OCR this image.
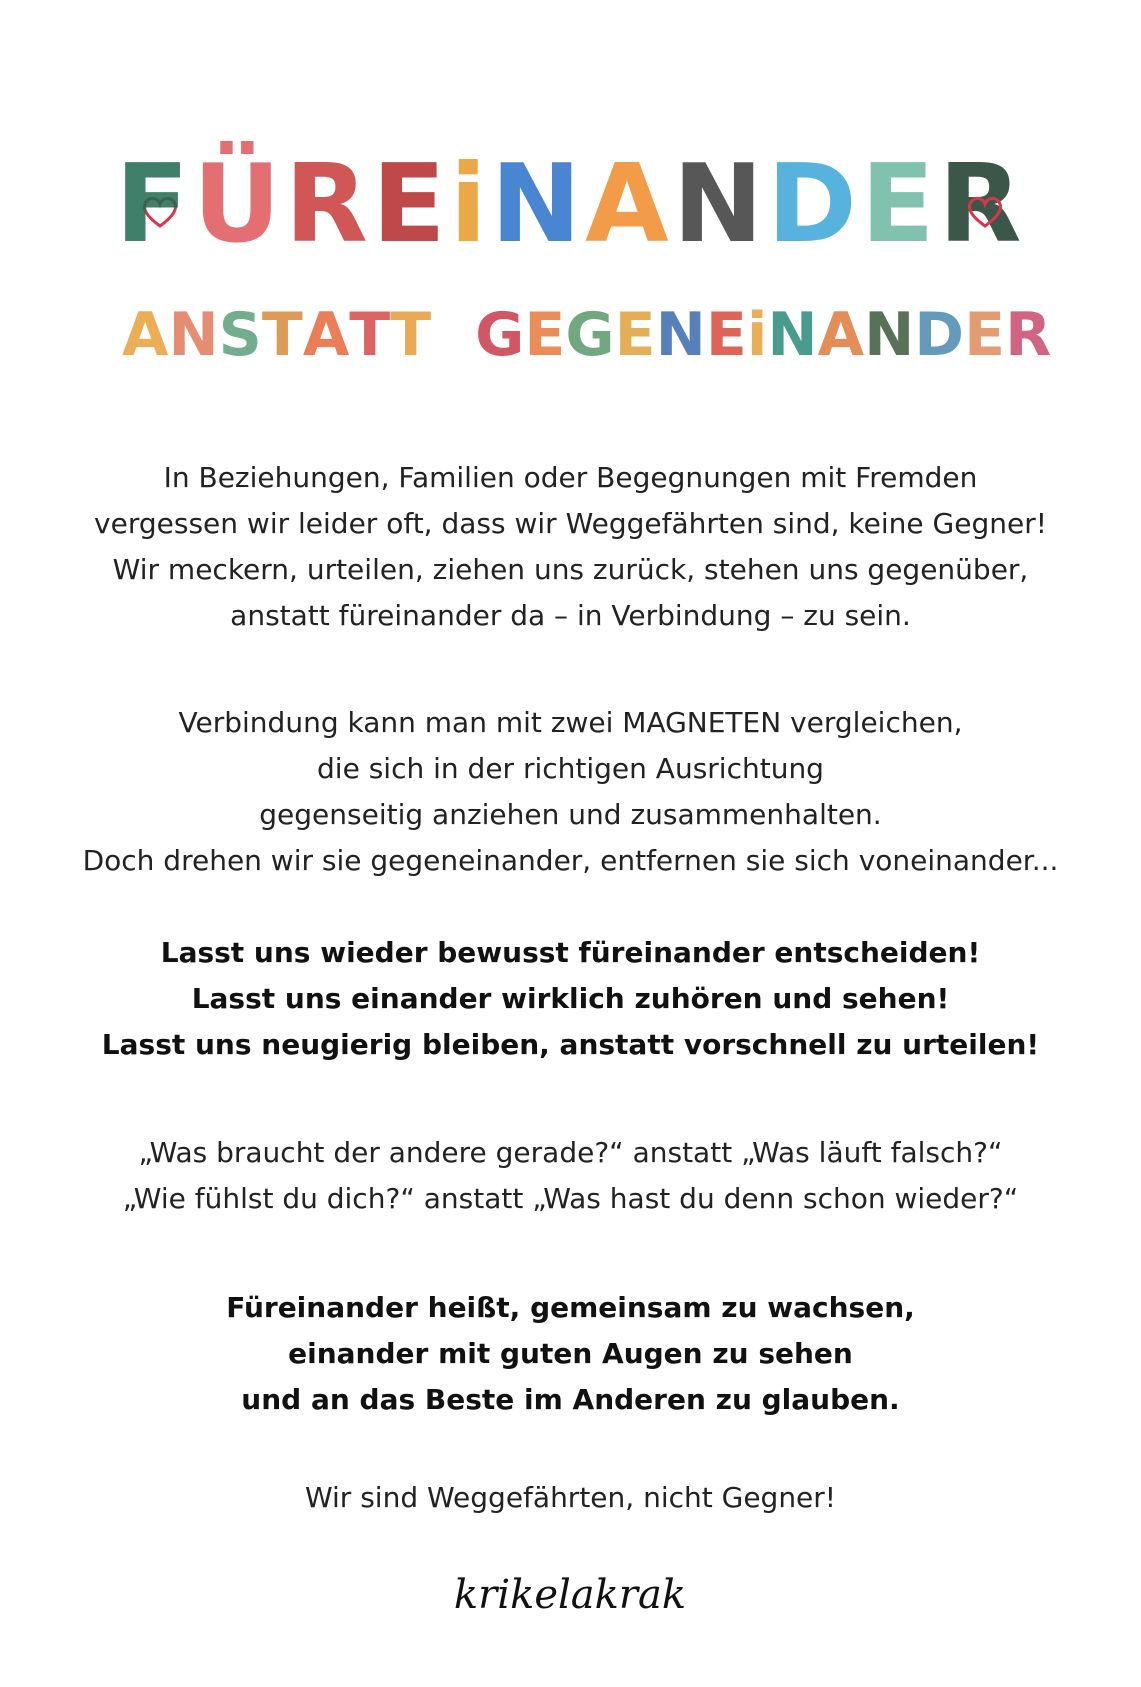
FÜREiNANDER
ANSTATT GEGENEiNANDER
In Beziehungen, Familien oder Begegnungen mit Fremden
vergessen wir leider oft, dass wir Weggefährten sind, keine Gegner!
Wir meckern, urteilen, ziehen uns zurück, stehen uns gegenüber,
anstatt füreinander da – in Verbindung – zu sein.
Verbindung kann man mit zwei MAGNETEN vergleichen,
die sich in der richtigen Ausrichtung
gegenseitig anziehen und zusammenhalten.
Doch drehen wir sie gegeneinander, entfernen sie sich voneinander...
Lasst uns wieder bewusst füreinander entscheiden!
Lasst uns einander wirklich zuhören und sehen!
Lasst uns neugierig bleiben, anstatt vorschnell zu urteilen!
„Was braucht der andere gerade?“ anstatt „Was läuft falsch?“
„Wie fühlst du dich?“ anstatt „Was hast du denn schon wieder?“
Füreinander heißt, gemeinsam zu wachsen,
einander mit guten Augen zu sehen
und an das Beste im Anderen zu glauben.
Wir sind Weggefährten, nicht Gegner!
krikelakrak
